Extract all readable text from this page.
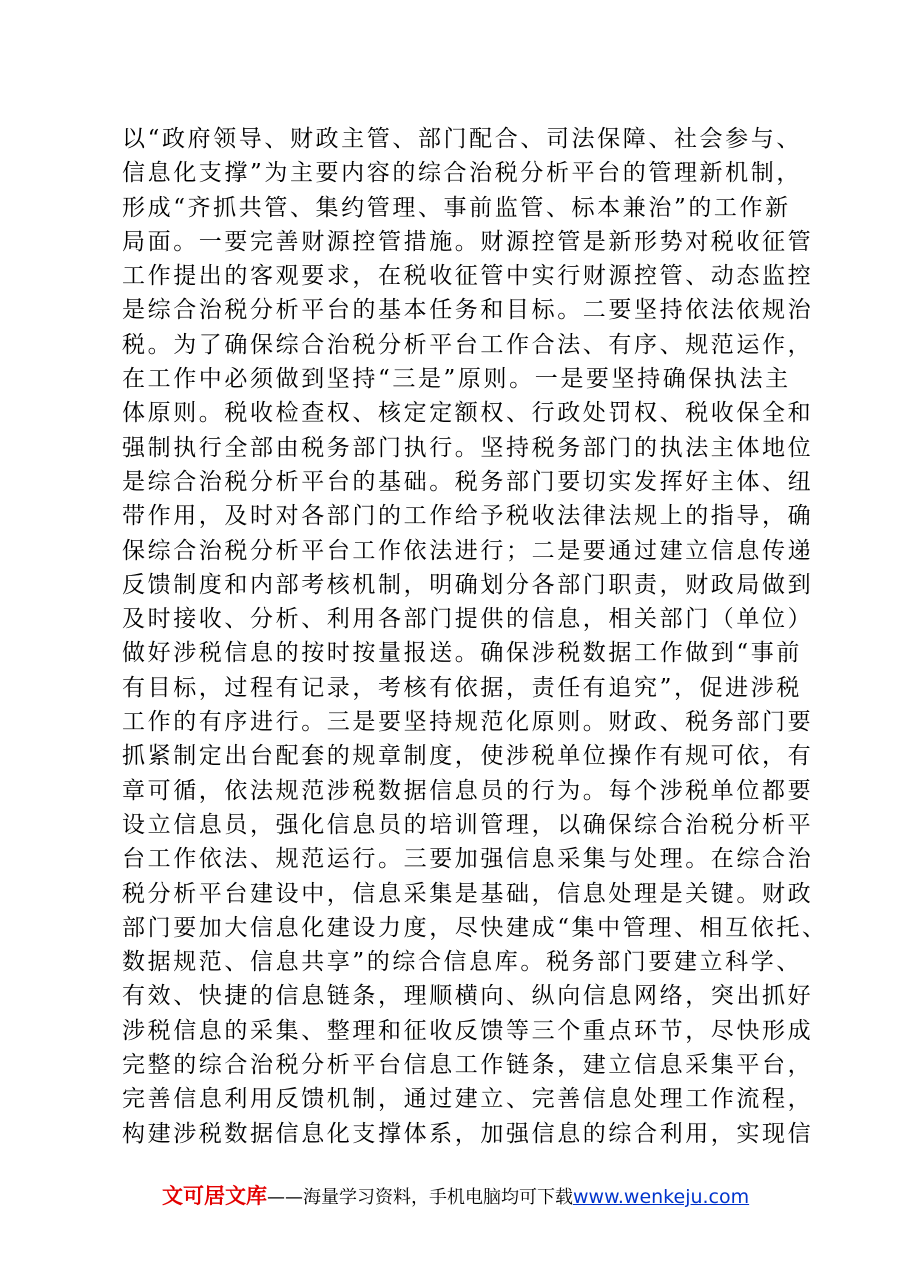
以“政府领导、财政主管、部门配合、司法保障、社会参与、
信息化支撑”为主要内容的综合治税分析平台的管理新机制，
形成“齐抓共管、集约管理、事前监管、标本兼治”的工作新
局面。一要完善财源控管措施。财源控管是新形势对税收征管
工作提出的客观要求，在税收征管中实行财源控管、动态监控
是综合治税分析平台的基本任务和目标。二要坚持依法依规治
税。为了确保综合治税分析平台工作合法、有序、规范运作，
在工作中必须做到坚持“三是”原则。一是要坚持确保执法主
体原则。税收检查权、核定定额权、行政处罚权、税收保全和
强制执行全部由税务部门执行。坚持税务部门的执法主体地位
是综合治税分析平台的基础。税务部门要切实发挥好主体、纽
带作用，及时对各部门的工作给予税收法律法规上的指导，确
保综合治税分析平台工作依法进行；二是要通过建立信息传递
反馈制度和内部考核机制，明确划分各部门职责，财政局做到
及时接收、分析、利用各部门提供的信息，相关部门（单位）
做好涉税信息的按时按量报送。确保涉税数据工作做到“事前
有目标，过程有记录，考核有依据，责任有追究”，促进涉税
工作的有序进行。三是要坚持规范化原则。财政、税务部门要
抓紧制定出台配套的规章制度，使涉税单位操作有规可依，有
章可循，依法规范涉税数据信息员的行为。每个涉税单位都要
设立信息员，强化信息员的培训管理，以确保综合治税分析平
台工作依法、规范运行。三要加强信息采集与处理。在综合治
税分析平台建设中，信息采集是基础，信息处理是关键。财政
部门要加大信息化建设力度，尽快建成“集中管理、相互依托、
数据规范、信息共享”的综合信息库。税务部门要建立科学、
有效、快捷的信息链条，理顺横向、纵向信息网络，突出抓好
涉税信息的采集、整理和征收反馈等三个重点环节，尽快形成
完整的综合治税分析平台信息工作链条，建立信息采集平台，
完善信息利用反馈机制，通过建立、完善信息处理工作流程，
构建涉税数据信息化支撑体系，加强信息的综合利用，实现信
文可居文库——海量学习资料，手机电脑均可下载www.wenkeju.com
